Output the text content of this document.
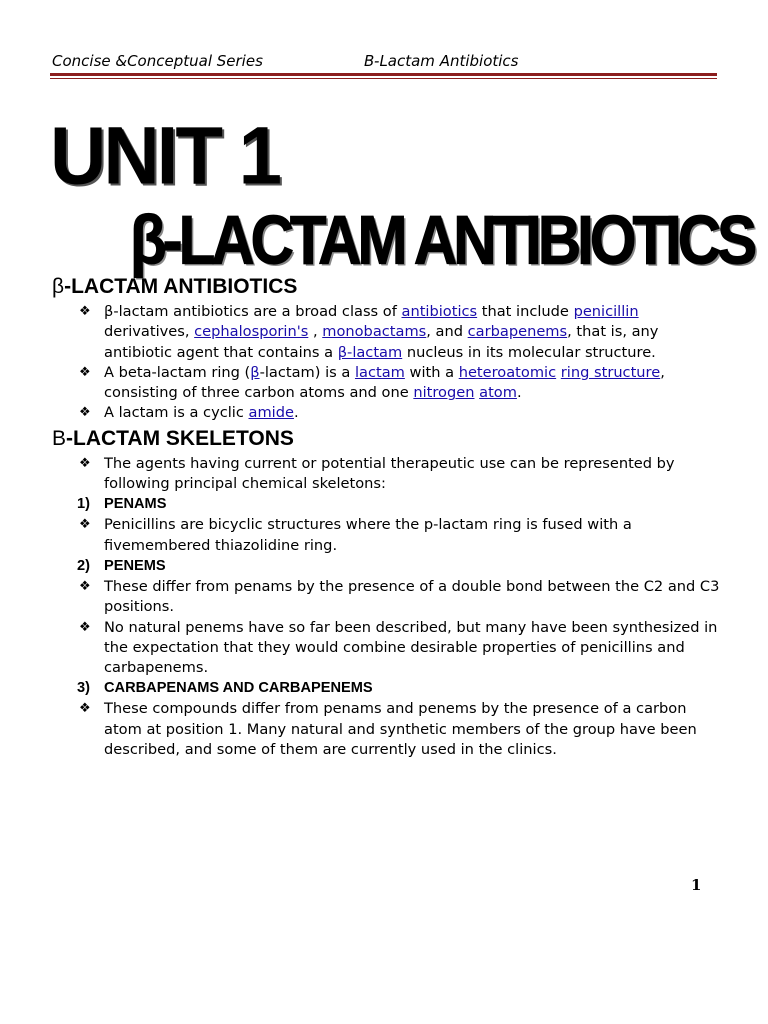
Concise &Conceptual Series	B-Lactam Antibiotics
UNIT 1
β-LACTAM ANTIBIOTICS
β-LACTAM ANTIBIOTICS
❖ β-lactam antibiotics are a broad class of antibiotics that include penicillin derivatives, cephalosporin's , monobactams, and carbapenems, that is, any antibiotic agent that contains a β-lactam nucleus in its molecular structure.
❖ A beta-lactam ring (β-lactam) is a lactam with a heteroatomic ring structure, consisting of three carbon atoms and one nitrogen atom.
❖ A lactam is a cyclic amide.
Β-LACTAM SKELETONS
❖ The agents having current or potential therapeutic use can be represented by following principal chemical skeletons:
1) PENAMS
❖ Penicillins are bicyclic structures where the p-lactam ring is fused with a fivemembered thiazolidine ring.
2) PENEMS
❖ These differ from penams by the presence of a double bond between the C2 and C3 positions.
❖ No natural penems have so far been described, but many have been synthesized in the expectation that they would combine desirable properties of penicillins and carbapenems.
3) CARBAPENAMS AND CARBAPENEMS
❖ These compounds differ from penams and penems by the presence of a carbon atom at position 1. Many natural and synthetic members of the group have been described, and some of them are currently used in the clinics.
1
